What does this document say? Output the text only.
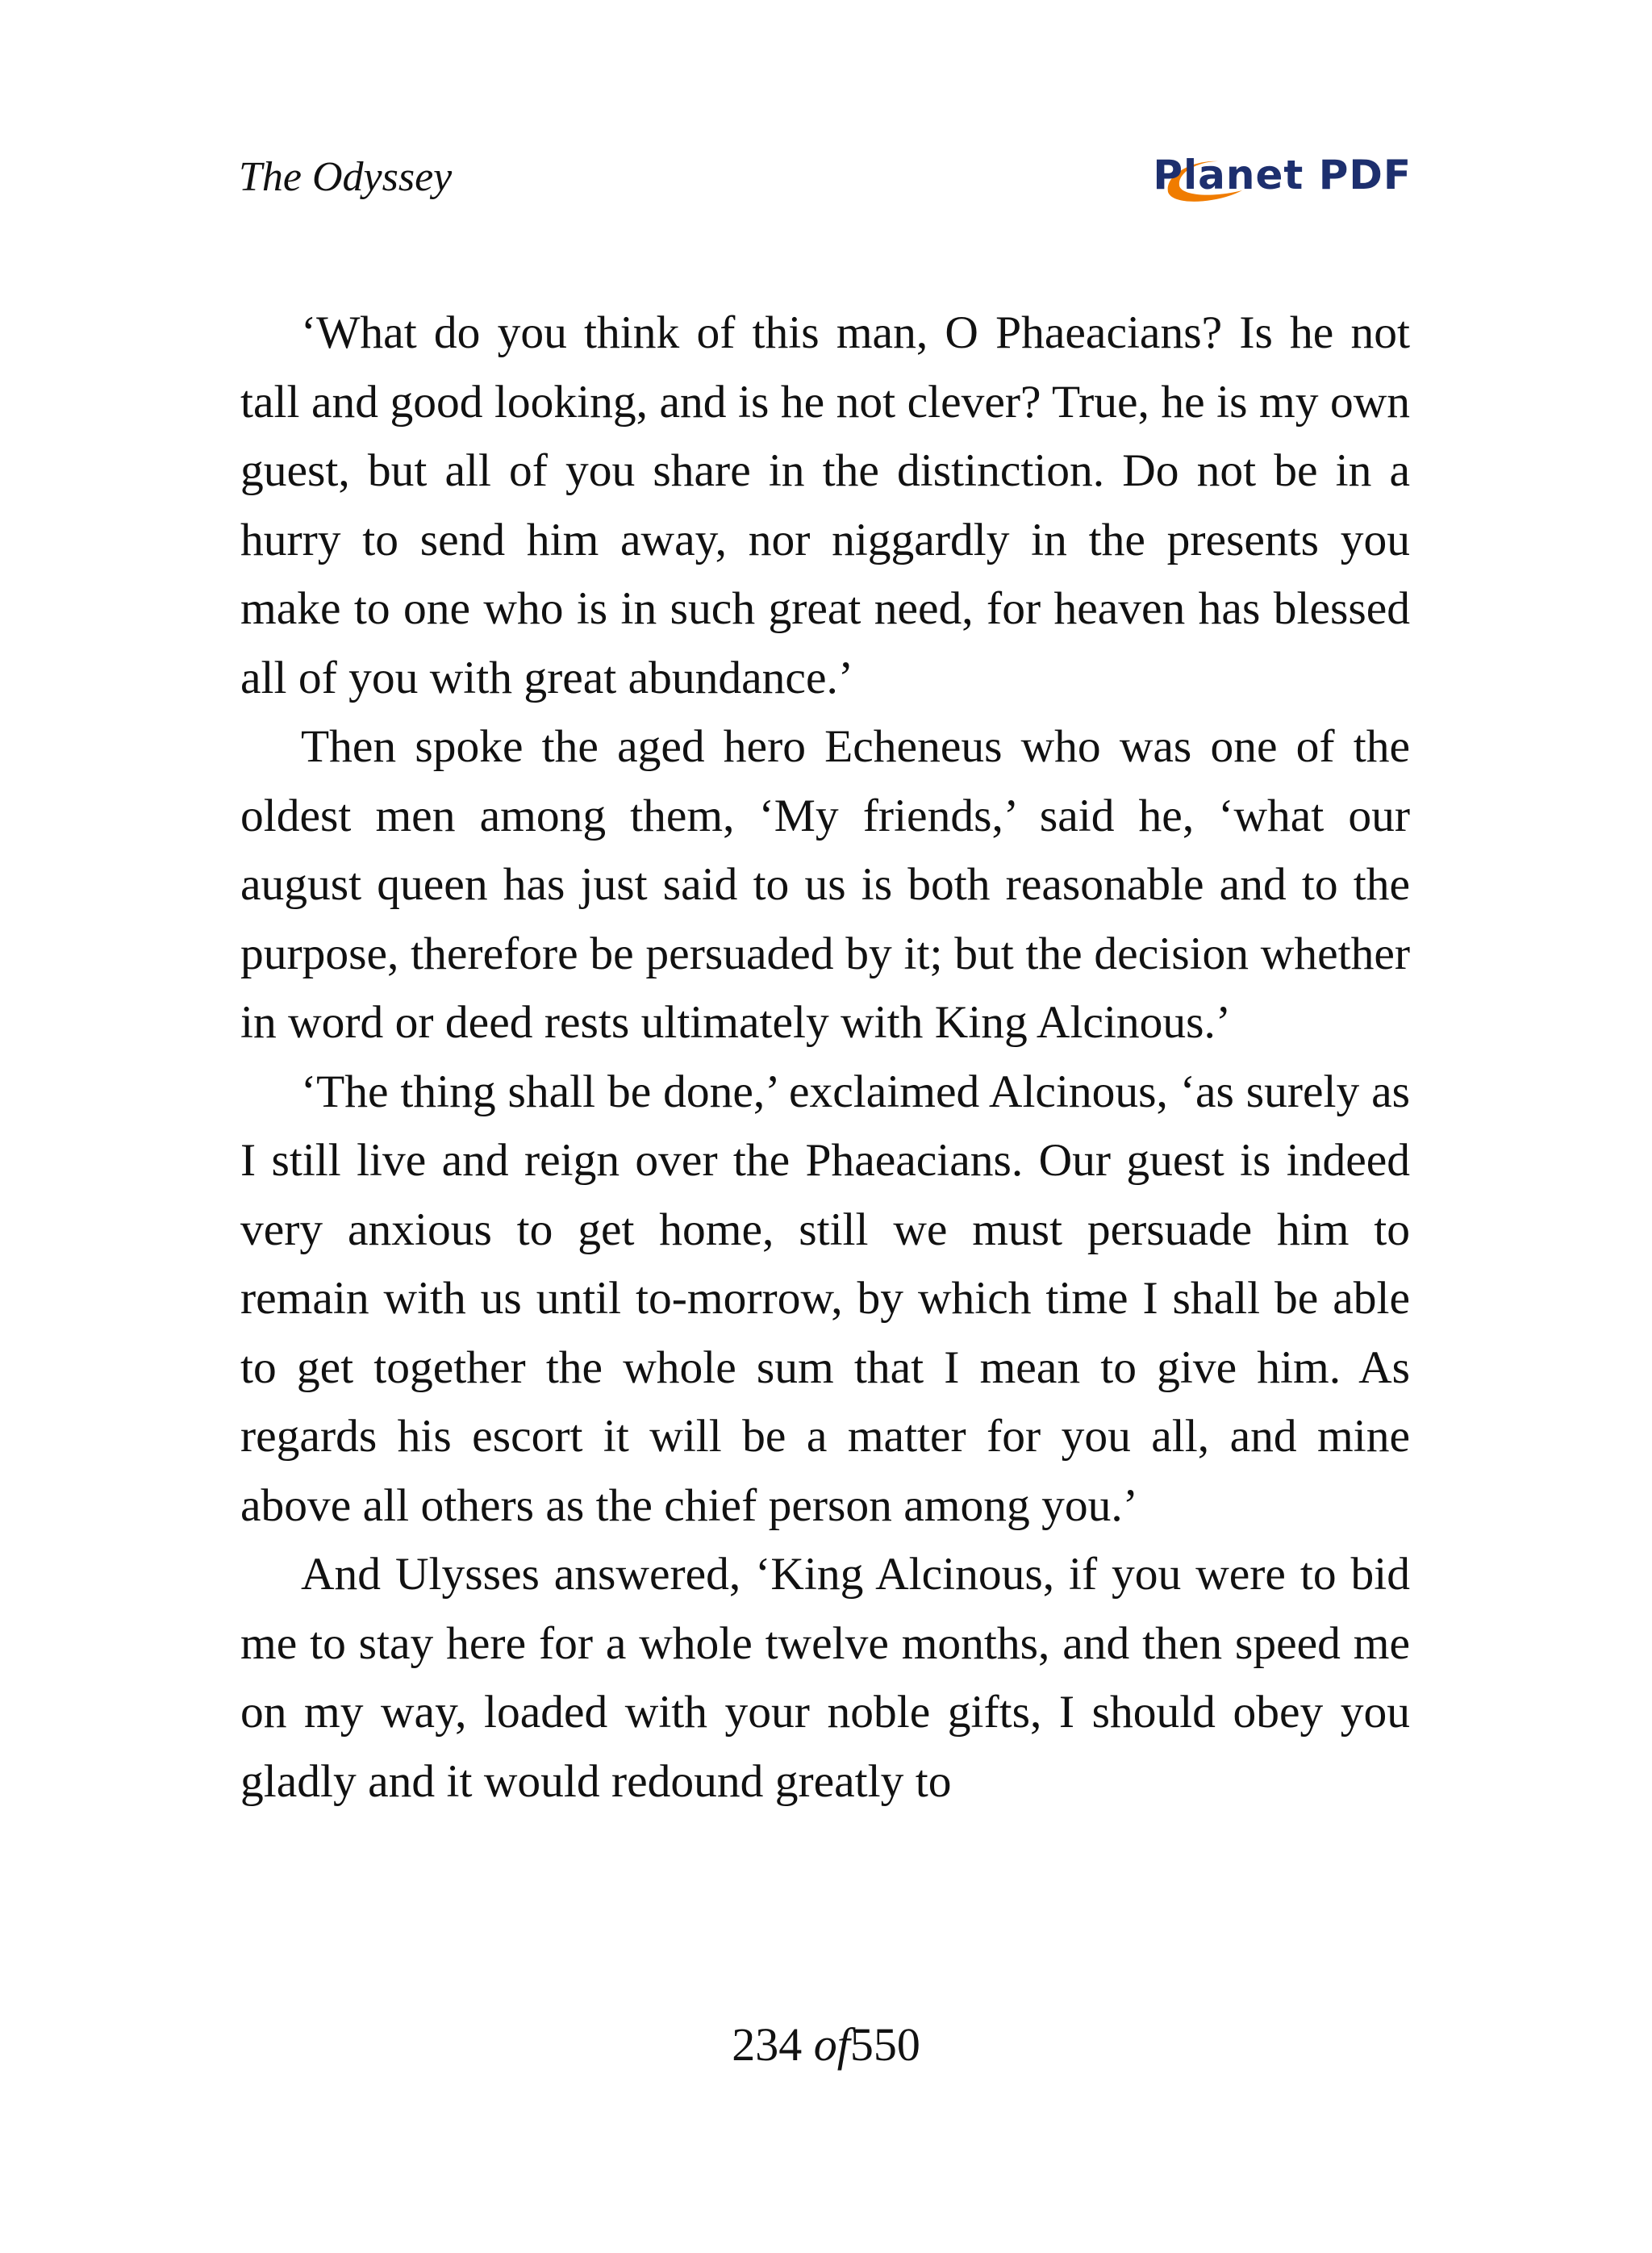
The Odyssey	Planet PDF

‘What do you think of this man, O Phaeacians? Is he not tall and good looking, and is he not clever? True, he is my own guest, but all of you share in the distinction. Do not be in a hurry to send him away, nor niggardly in the presents you make to one who is in such great need, for heaven has blessed all of you with great abundance.’

Then spoke the aged hero Echeneus who was one of the oldest men among them, ‘My friends,’ said he, ‘what our august queen has just said to us is both reasonable and to the purpose, therefore be persuaded by it; but the decision whether in word or deed rests ultimately with King Alcinous.’

‘The thing shall be done,’ exclaimed Alcinous, ‘as surely as I still live and reign over the Phaeacians. Our guest is indeed very anxious to get home, still we must persuade him to remain with us until to-morrow, by which time I shall be able to get together the whole sum that I mean to give him. As regards his escort it will be a matter for you all, and mine above all others as the chief person among you.’

And Ulysses answered, ‘King Alcinous, if you were to bid me to stay here for a whole twelve months, and then speed me on my way, loaded with your noble gifts, I should obey you gladly and it would redound greatly to

234 of550
